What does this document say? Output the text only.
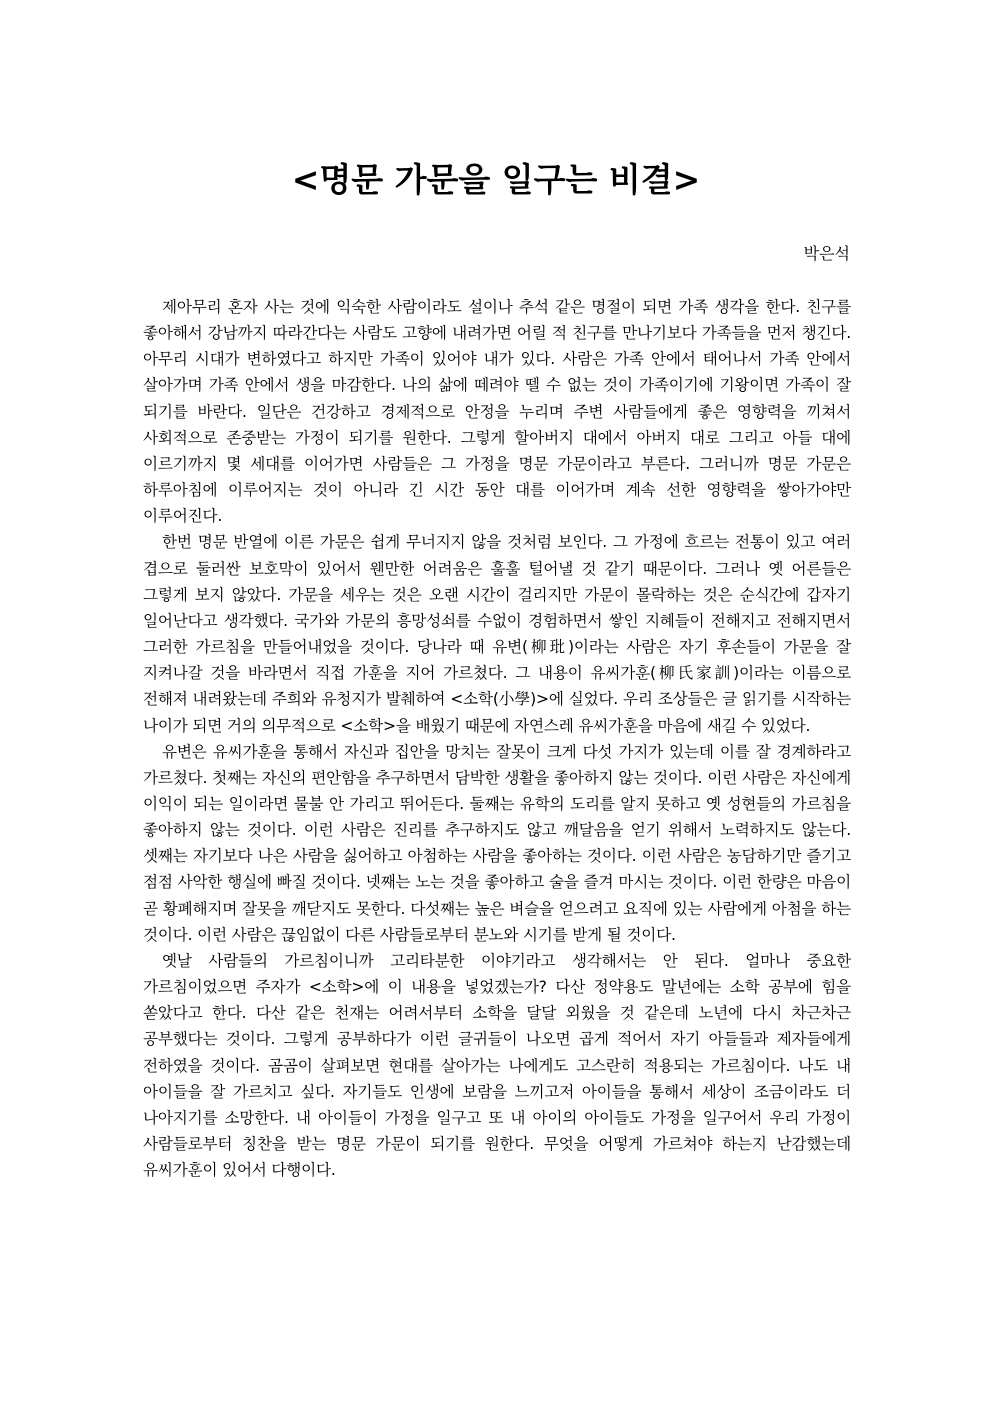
<명문 가문을 일구는 비결>

박은석

제아무리 혼자 사는 것에 익숙한 사람이라도 설이나 추석 같은 명절이 되면 가족 생각을 한다. 친구를 좋아해서 강남까지 따라간다는 사람도 고향에 내려가면 어릴 적 친구를 만나기보다 가족들을 먼저 챙긴다. 아무리 시대가 변하였다고 하지만 가족이 있어야 내가 있다. 사람은 가족 안에서 태어나서 가족 안에서 살아가며 가족 안에서 생을 마감한다. 나의 삶에 떼려야 뗄 수 없는 것이 가족이기에 기왕이면 가족이 잘 되기를 바란다. 일단은 건강하고 경제적으로 안정을 누리며 주변 사람들에게 좋은 영향력을 끼쳐서 사회적으로 존중받는 가정이 되기를 원한다. 그렇게 할아버지 대에서 아버지 대로 그리고 아들 대에 이르기까지 몇 세대를 이어가면 사람들은 그 가정을 명문 가문이라고 부른다. 그러니까 명문 가문은 하루아침에 이루어지는 것이 아니라 긴 시간 동안 대를 이어가며 계속 선한 영향력을 쌓아가야만 이루어진다.

한번 명문 반열에 이른 가문은 쉽게 무너지지 않을 것처럼 보인다. 그 가정에 흐르는 전통이 있고 여러 겹으로 둘러싼 보호막이 있어서 웬만한 어려움은 훌훌 털어낼 것 같기 때문이다. 그러나 옛 어른들은 그렇게 보지 않았다. 가문을 세우는 것은 오랜 시간이 걸리지만 가문이 몰락하는 것은 순식간에 갑자기 일어난다고 생각했다. 국가와 가문의 흥망성쇠를 수없이 경험하면서 쌓인 지혜들이 전해지고 전해지면서 그러한 가르침을 만들어내었을 것이다. 당나라 때 유변(柳玭)이라는 사람은 자기 후손들이 가문을 잘 지켜나갈 것을 바라면서 직접 가훈을 지어 가르쳤다. 그 내용이 유씨가훈(柳氏家訓)이라는 이름으로 전해져 내려왔는데 주희와 유청지가 발췌하여 <소학(小學)>에 실었다. 우리 조상들은 글 읽기를 시작하는 나이가 되면 거의 의무적으로 <소학>을 배웠기 때문에 자연스레 유씨가훈을 마음에 새길 수 있었다.

유변은 유씨가훈을 통해서 자신과 집안을 망치는 잘못이 크게 다섯 가지가 있는데 이를 잘 경계하라고 가르쳤다. 첫째는 자신의 편안함을 추구하면서 담박한 생활을 좋아하지 않는 것이다. 이런 사람은 자신에게 이익이 되는 일이라면 물불 안 가리고 뛰어든다. 둘째는 유학의 도리를 알지 못하고 옛 성현들의 가르침을 좋아하지 않는 것이다. 이런 사람은 진리를 추구하지도 않고 깨달음을 얻기 위해서 노력하지도 않는다. 셋째는 자기보다 나은 사람을 싫어하고 아첨하는 사람을 좋아하는 것이다. 이런 사람은 농담하기만 즐기고 점점 사악한 행실에 빠질 것이다. 넷째는 노는 것을 좋아하고 술을 즐겨 마시는 것이다. 이런 한량은 마음이 곧 황폐해지며 잘못을 깨닫지도 못한다. 다섯째는 높은 벼슬을 얻으려고 요직에 있는 사람에게 아첨을 하는 것이다. 이런 사람은 끊임없이 다른 사람들로부터 분노와 시기를 받게 될 것이다.

옛날 사람들의 가르침이니까 고리타분한 이야기라고 생각해서는 안 된다. 얼마나 중요한 가르침이었으면 주자가 <소학>에 이 내용을 넣었겠는가? 다산 정약용도 말년에는 소학 공부에 힘을 쏟았다고 한다. 다산 같은 천재는 어려서부터 소학을 달달 외웠을 것 같은데 노년에 다시 차근차근 공부했다는 것이다. 그렇게 공부하다가 이런 글귀들이 나오면 곱게 적어서 자기 아들들과 제자들에게 전하였을 것이다. 곰곰이 살펴보면 현대를 살아가는 나에게도 고스란히 적용되는 가르침이다. 나도 내 아이들을 잘 가르치고 싶다. 자기들도 인생에 보람을 느끼고저 아이들을 통해서 세상이 조금이라도 더 나아지기를 소망한다. 내 아이들이 가정을 일구고 또 내 아이의 아이들도 가정을 일구어서 우리 가정이 사람들로부터 칭찬을 받는 명문 가문이 되기를 원한다. 무엇을 어떻게 가르쳐야 하는지 난감했는데 유씨가훈이 있어서 다행이다.
